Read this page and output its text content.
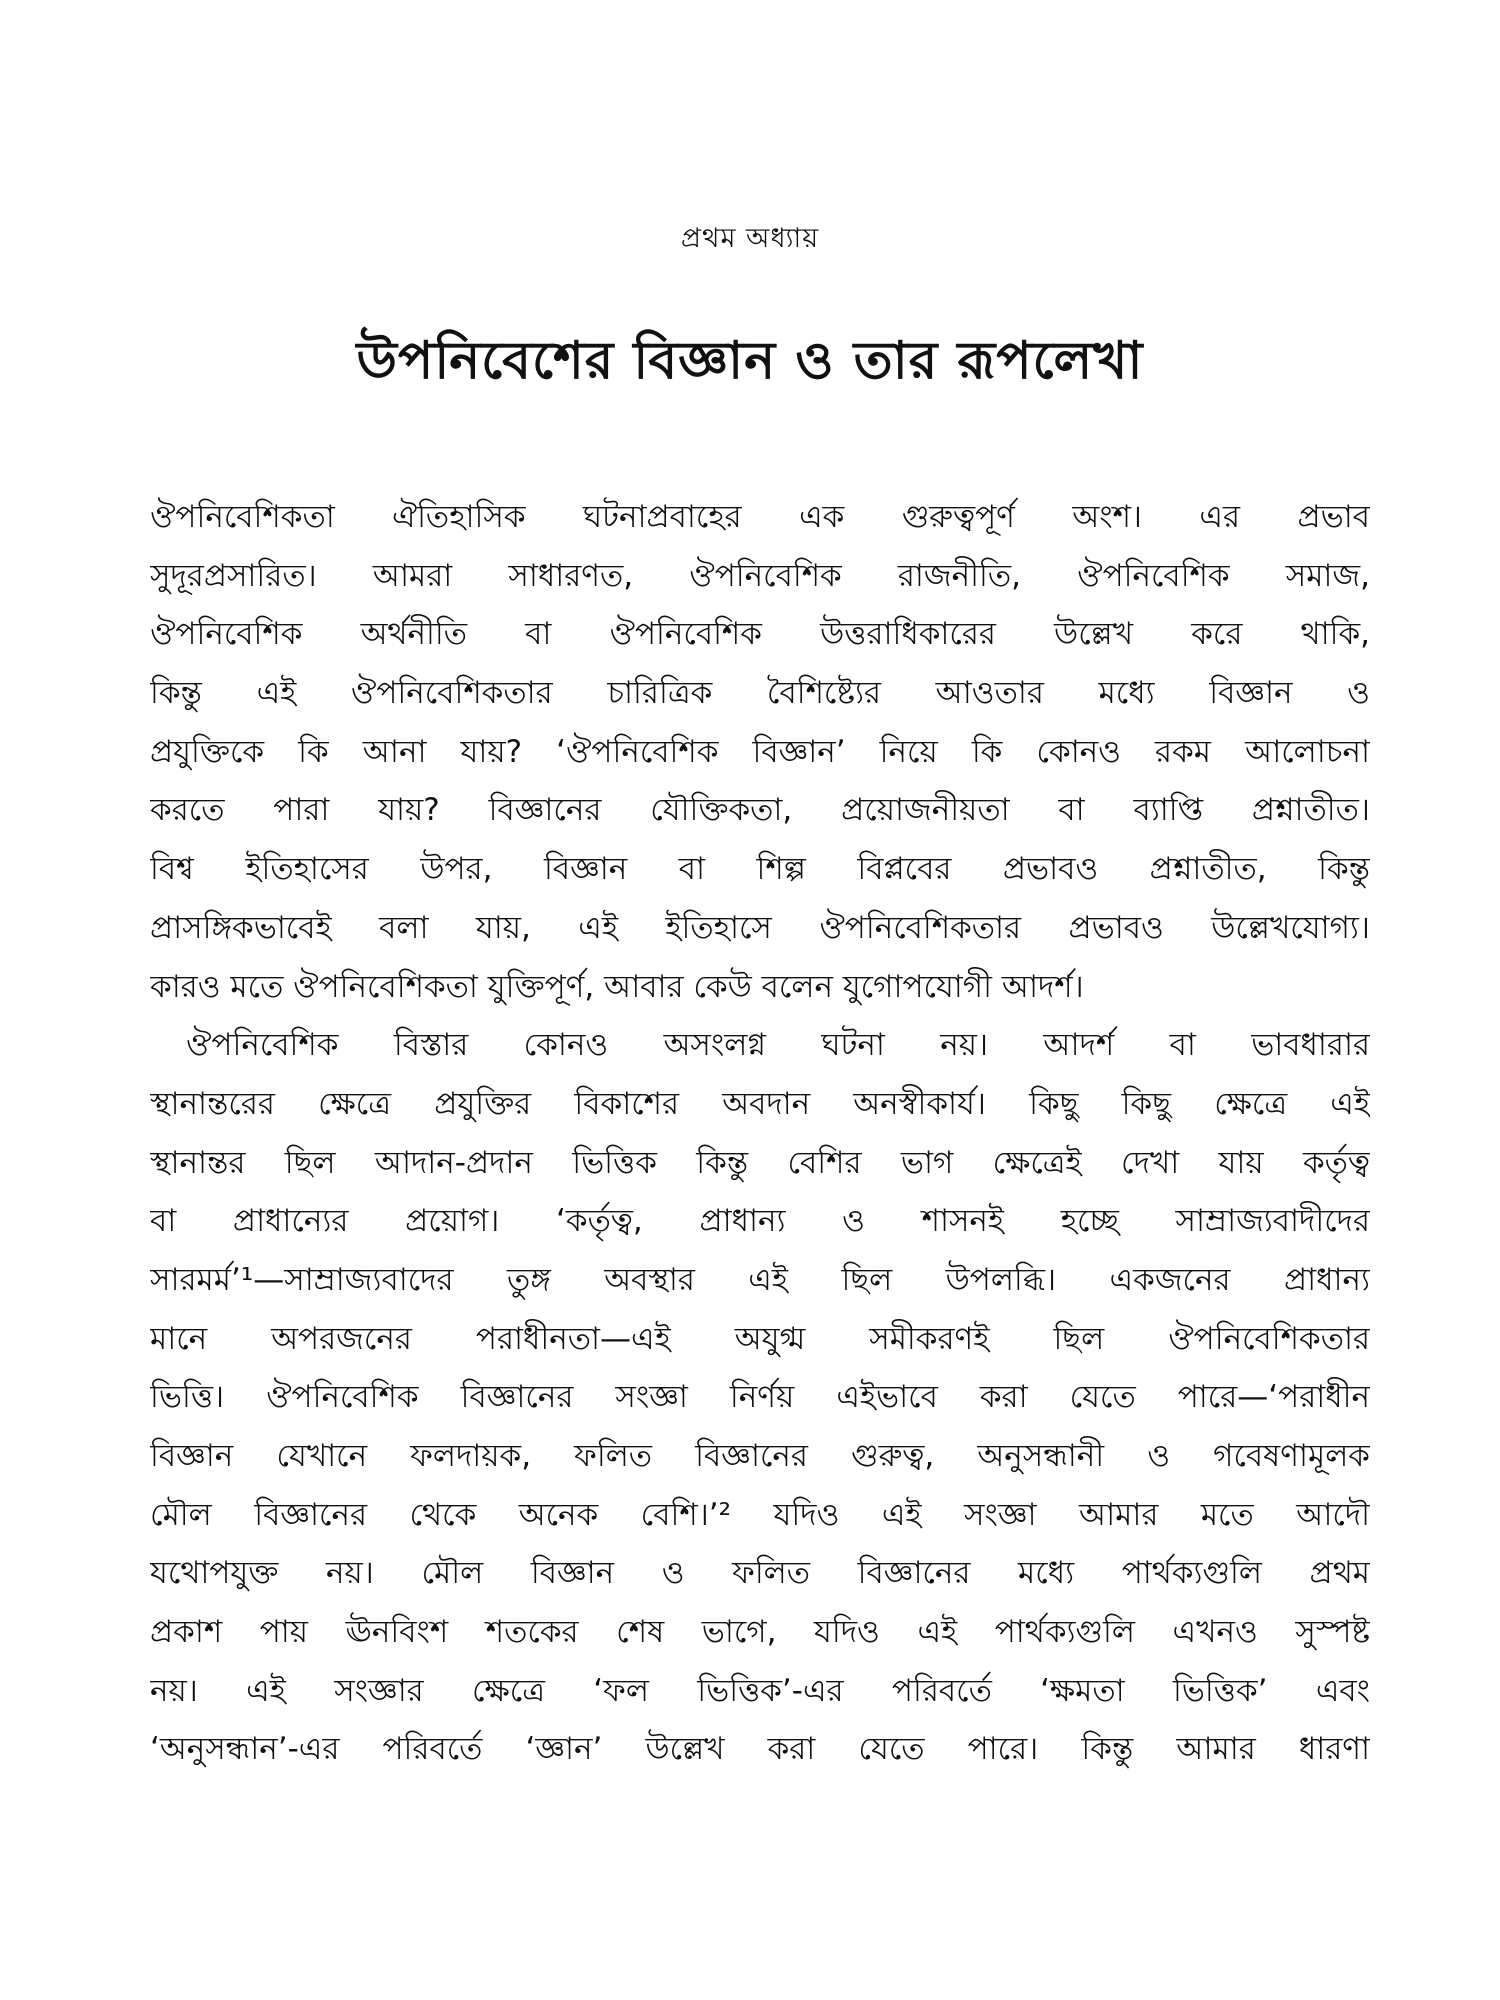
প্রথম অধ্যায়
উপনিবেশের বিজ্ঞান ও তার রূপলেখা
ঔপনিবেশিকতা ঐতিহাসিক ঘটনাপ্রবাহের এক গুরুত্বপূর্ণ অংশ। এর প্রভাব
সুদূরপ্রসারিত। আমরা সাধারণত, ঔপনিবেশিক রাজনীতি, ঔপনিবেশিক সমাজ,
ঔপনিবেশিক অর্থনীতি বা ঔপনিবেশিক উত্তরাধিকারের উল্লেখ করে থাকি,
কিন্তু এই ঔপনিবেশিকতার চারিত্রিক বৈশিষ্ট্যের আওতার মধ্যে বিজ্ঞান ও
প্রযুক্তিকে কি আনা যায়? ‘ঔপনিবেশিক বিজ্ঞান’ নিয়ে কি কোনও রকম আলোচনা
করতে পারা যায়? বিজ্ঞানের যৌক্তিকতা, প্রয়োজনীয়তা বা ব্যাপ্তি প্রশ্নাতীত।
বিশ্ব ইতিহাসের উপর, বিজ্ঞান বা শিল্প বিপ্লবের প্রভাবও প্রশ্নাতীত, কিন্তু
প্রাসঙ্গিকভাবেই বলা যায়, এই ইতিহাসে ঔপনিবেশিকতার প্রভাবও উল্লেখযোগ্য।
কারও মতে ঔপনিবেশিকতা যুক্তিপূর্ণ, আবার কেউ বলেন যুগোপযোগী আদর্শ।
ঔপনিবেশিক বিস্তার কোনও অসংলগ্ন ঘটনা নয়। আদর্শ বা ভাবধারার
স্থানান্তরের ক্ষেত্রে প্রযুক্তির বিকাশের অবদান অনস্বীকার্য। কিছু কিছু ক্ষেত্রে এই
স্থানান্তর ছিল আদান-প্রদান ভিত্তিক কিন্তু বেশির ভাগ ক্ষেত্রেই দেখা যায় কর্তৃত্ব
বা প্রাধান্যের প্রয়োগ। ‘কর্তৃত্ব, প্রাধান্য ও শাসনই হচ্ছে সাম্রাজ্যবাদীদের
সারমর্ম’¹—সাম্রাজ্যবাদের তুঙ্গ অবস্থার এই ছিল উপলব্ধি। একজনের প্রাধান্য
মানে অপরজনের পরাধীনতা—এই অযুগ্ম সমীকরণই ছিল ঔপনিবেশিকতার
ভিত্তি। ঔপনিবেশিক বিজ্ঞানের সংজ্ঞা নির্ণয় এইভাবে করা যেতে পারে—‘পরাধীন
বিজ্ঞান যেখানে ফলদায়ক, ফলিত বিজ্ঞানের গুরুত্ব, অনুসন্ধানী ও গবেষণামূলক
মৌল বিজ্ঞানের থেকে অনেক বেশি।’² যদিও এই সংজ্ঞা আমার মতে আদৌ
যথোপযুক্ত নয়। মৌল বিজ্ঞান ও ফলিত বিজ্ঞানের মধ্যে পার্থক্যগুলি প্রথম
প্রকাশ পায় ঊনবিংশ শতকের শেষ ভাগে, যদিও এই পার্থক্যগুলি এখনও সুস্পষ্ট
নয়। এই সংজ্ঞার ক্ষেত্রে ‘ফল ভিত্তিক’-এর পরিবর্তে ‘ক্ষমতা ভিত্তিক’ এবং
‘অনুসন্ধান’-এর পরিবর্তে ‘জ্ঞান’ উল্লেখ করা যেতে পারে। কিন্তু আমার ধারণা
